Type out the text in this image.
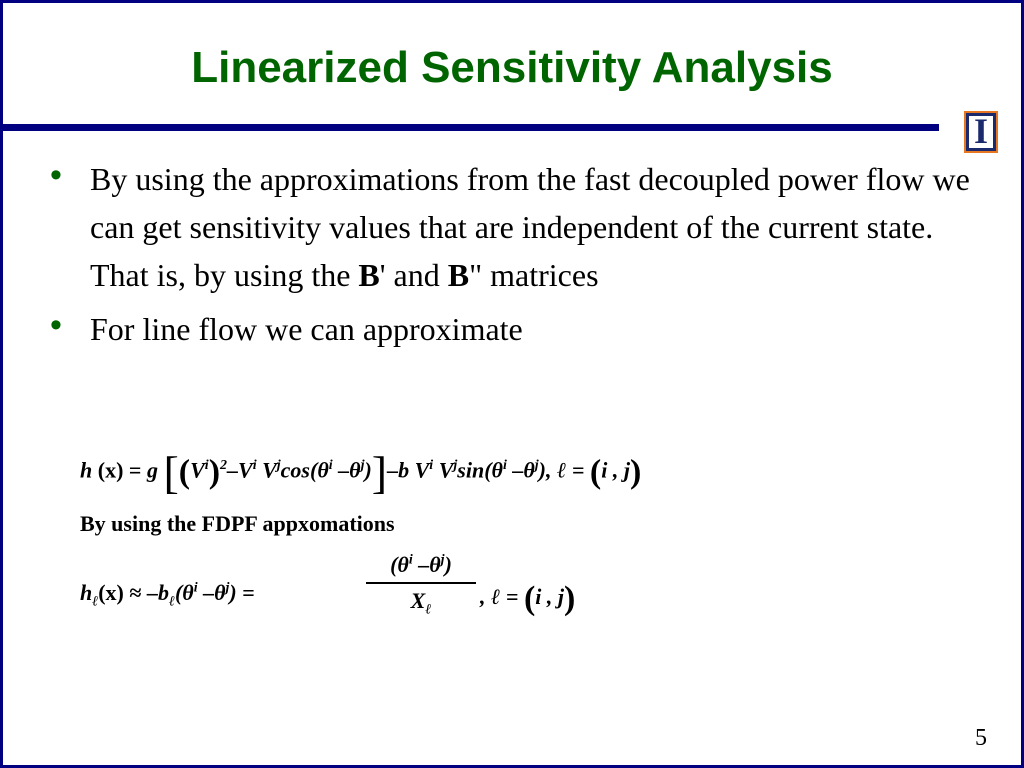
Linearized Sensitivity Analysis
I
• By using the approximations from the fast decoupled power flow we can get sensitivity values that are independent of the current state. That is, by using the B' and B" matrices
• For line flow we can approximate
h (x) = g [$(V^i)^2-V^i$ $V^j\cos(\theta^i$ $-\theta^j)]-b$ $V^i$ $V^j\sin(\theta^i$ $-\theta^j$), ℓ = (i , j)
By using the FDPF appxomations
$h_\ell(x) \approx -b_\ell(\theta^i$ $-\theta^j$) =
($\theta^i$ $-\theta^j$)
$X_\ell$
, ℓ = (i , j)
5
